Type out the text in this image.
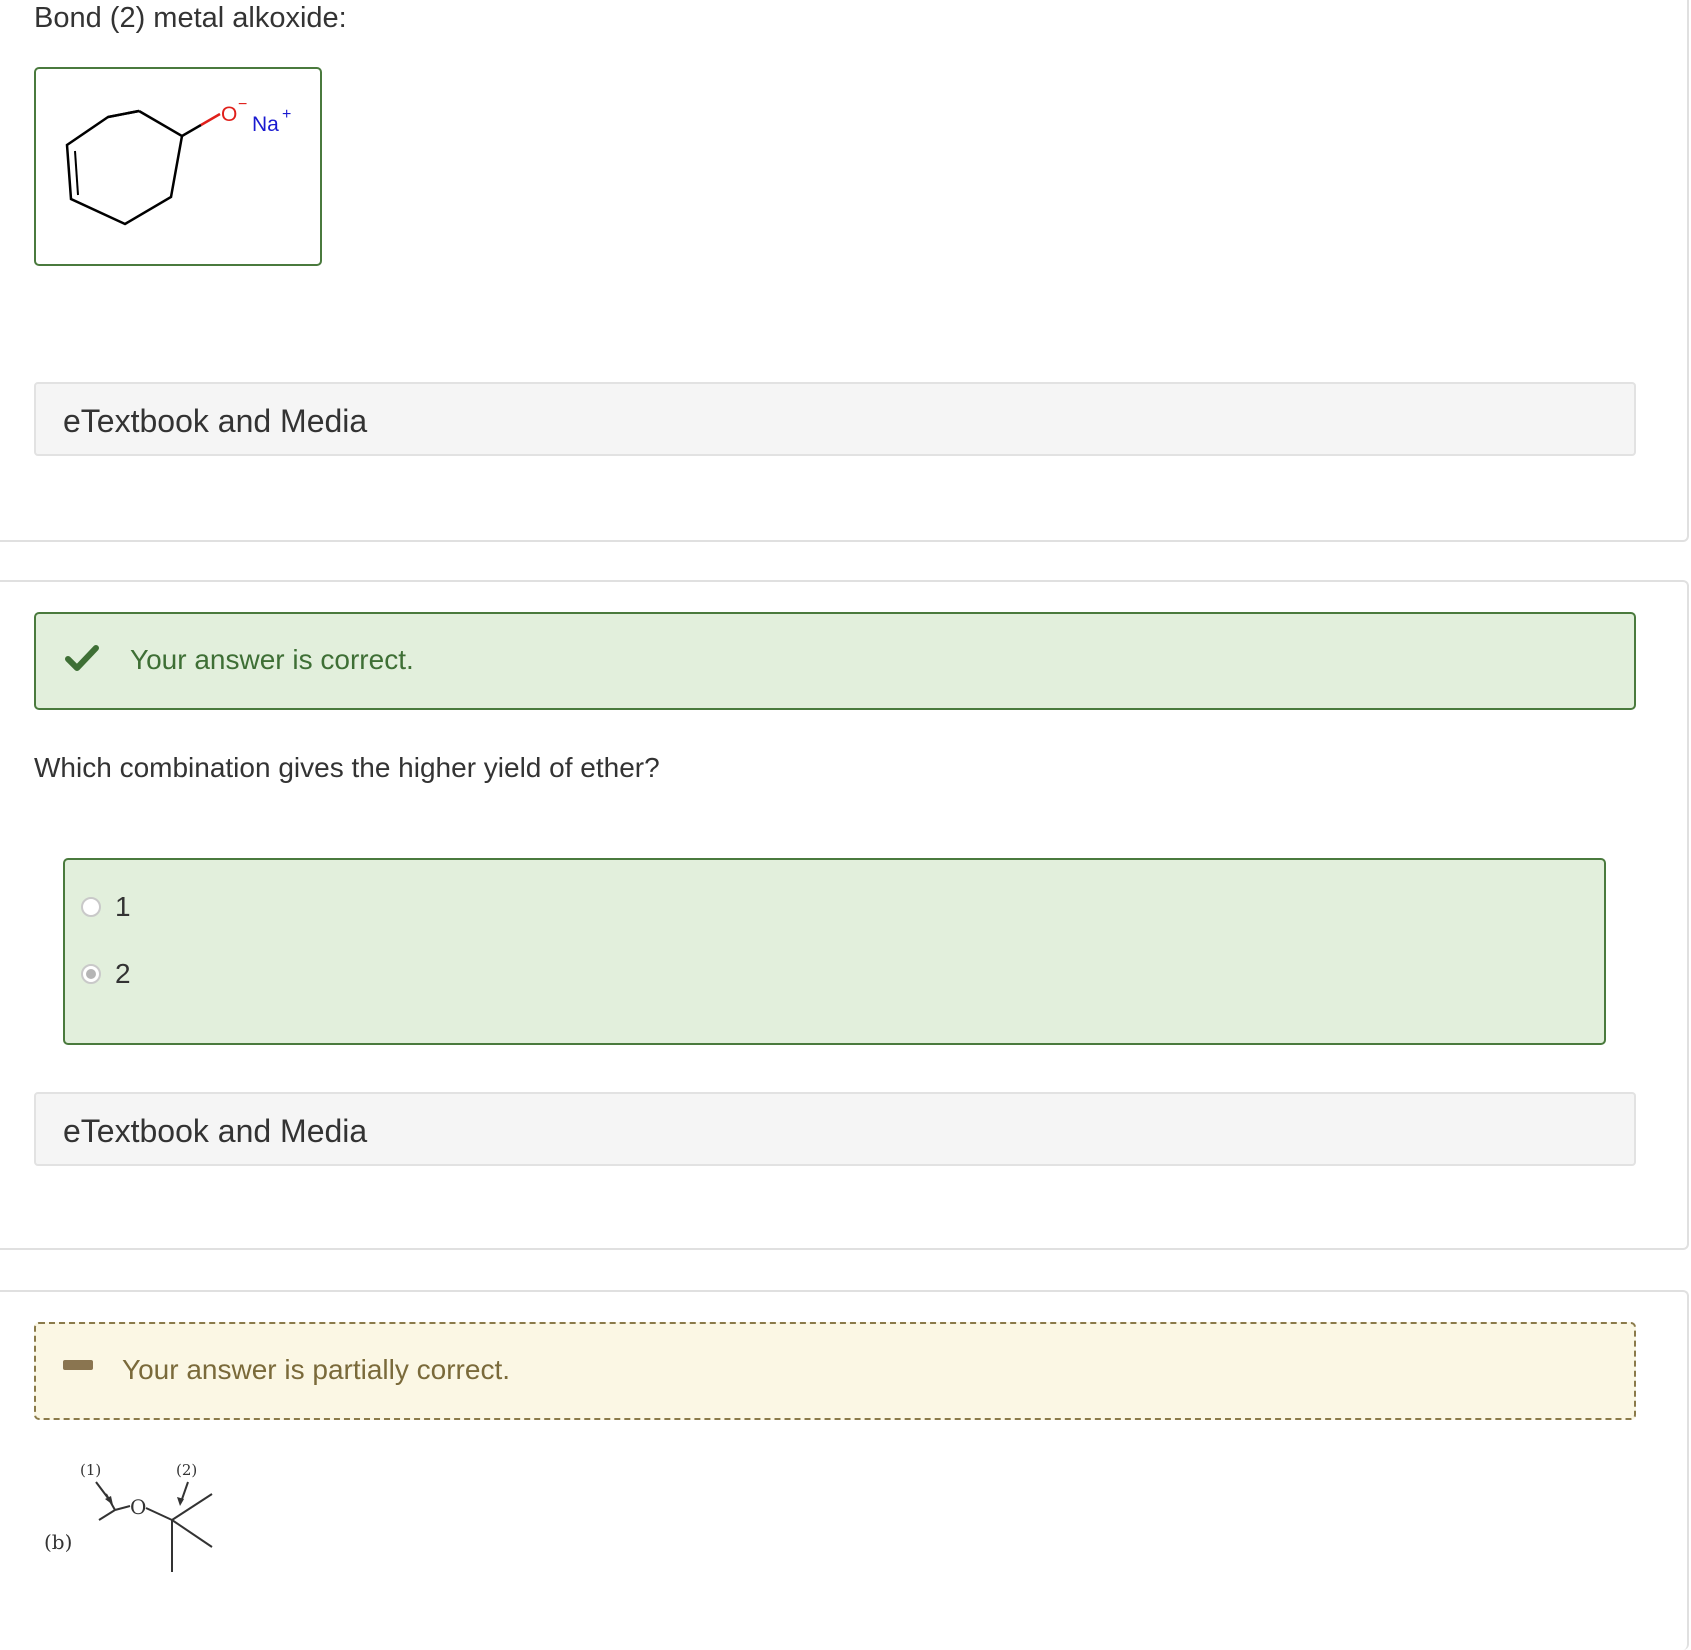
Bond (2) metal alkoxide:
O −
Na +
eTextbook and Media
Your answer is correct.
Which combination gives the higher yield of ether?
1
2
eTextbook and Media
Your answer is partially correct.
(b)
(1)	(2)
O
